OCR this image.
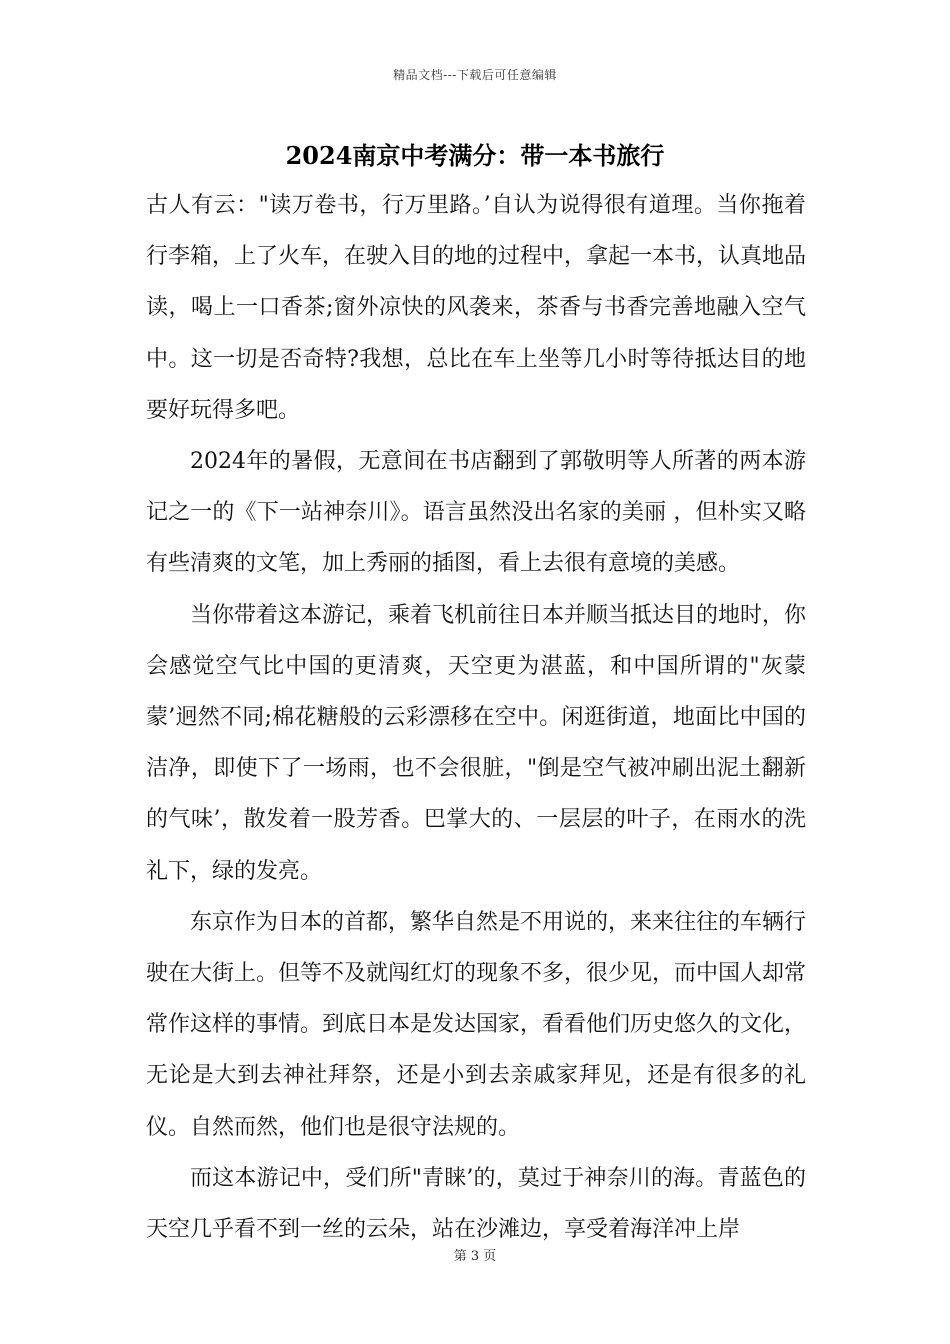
精品文档---下载后可任意编辑
2024南京中考满分：带一本书旅行

古人有云："读万卷书，行万里路。’自认为说得很有道理。当你拖着行李箱，上了火车，在驶入目的地的过程中，拿起一本书，认真地品读，喝上一口香茶;窗外凉快的风袭来，茶香与书香完善地融入空气中。这一切是否奇特?我想，总比在车上坐等几小时等待抵达目的地要好玩得多吧。

2024年的暑假，无意间在书店翻到了郭敬明等人所著的两本游记之一的《下一站神奈川》。语言虽然没出名家的美丽 ，但朴实又略有些清爽的文笔，加上秀丽的插图，看上去很有意境的美感。

当你带着这本游记，乘着飞机前往日本并顺当抵达目的地时，你会感觉空气比中国的更清爽，天空更为湛蓝，和中国所谓的"灰蒙蒙’迥然不同;棉花糖般的云彩漂移在空中。闲逛街道，地面比中国的洁净，即使下了一场雨，也不会很脏，"倒是空气被冲刷出泥土翻新的气味’，散发着一股芳香。巴掌大的、一层层的叶子，在雨水的洗礼下，绿的发亮。

东京作为日本的首都，繁华自然是不用说的，来来往往的车辆行驶在大街上。但等不及就闯红灯的现象不多，很少见，而中国人却常常作这样的事情。到底日本是发达国家，看看他们历史悠久的文化，无论是大到去神社拜祭，还是小到去亲戚家拜见，还是有很多的礼仪。自然而然，他们也是很守法规的。

而这本游记中，受们所"青睐’的，莫过于神奈川的海。青蓝色的天空几乎看不到一丝的云朵，站在沙滩边，享受着海洋冲上岸

第 3 页
